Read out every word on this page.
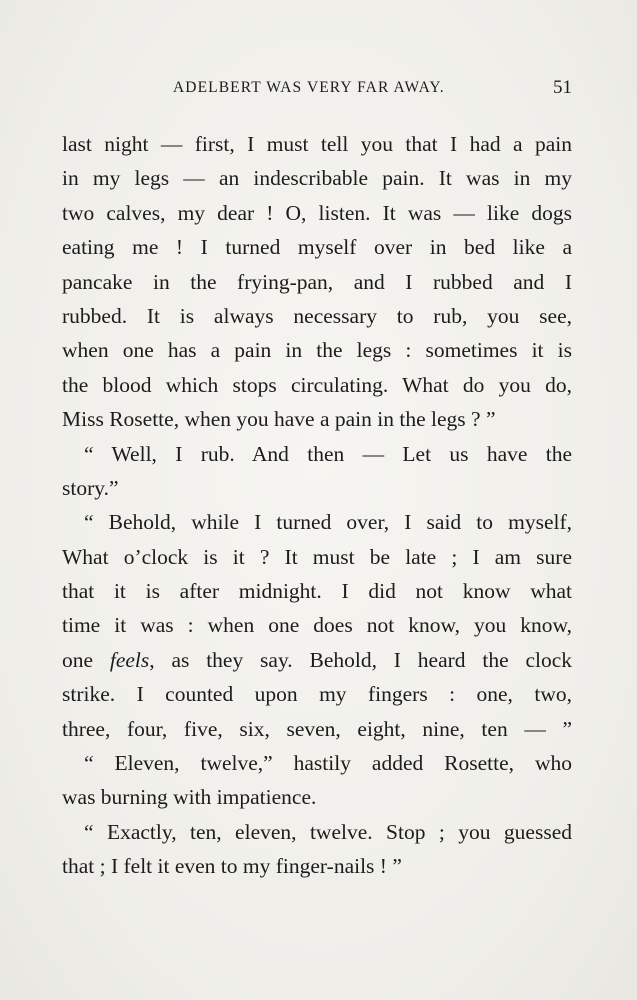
ADELBERT WAS VERY FAR AWAY.	51
last night — first, I must tell you that I had a pain
in my legs — an indescribable pain. It was in my
two calves, my dear ! O, listen. It was — like dogs
eating me ! I turned myself over in bed like a
pancake in the frying-pan, and I rubbed and I
rubbed. It is always necessary to rub, you see,
when one has a pain in the legs : sometimes it is
the blood which stops circulating. What do you do,
Miss Rosette, when you have a pain in the legs ? ”
“ Well, I rub. And then — Let us have the
story.”
“ Behold, while I turned over, I said to myself,
What o’clock is it ? It must be late ; I am sure
that it is after midnight. I did not know what
time it was : when one does not know, you know,
one feels, as they say. Behold, I heard the clock
strike. I counted upon my fingers : one, two,
three, four, five, six, seven, eight, nine, ten — ”
“ Eleven, twelve,” hastily added Rosette, who
was burning with impatience.
“ Exactly, ten, eleven, twelve. Stop ; you guessed
that ; I felt it even to my finger-nails ! ”
